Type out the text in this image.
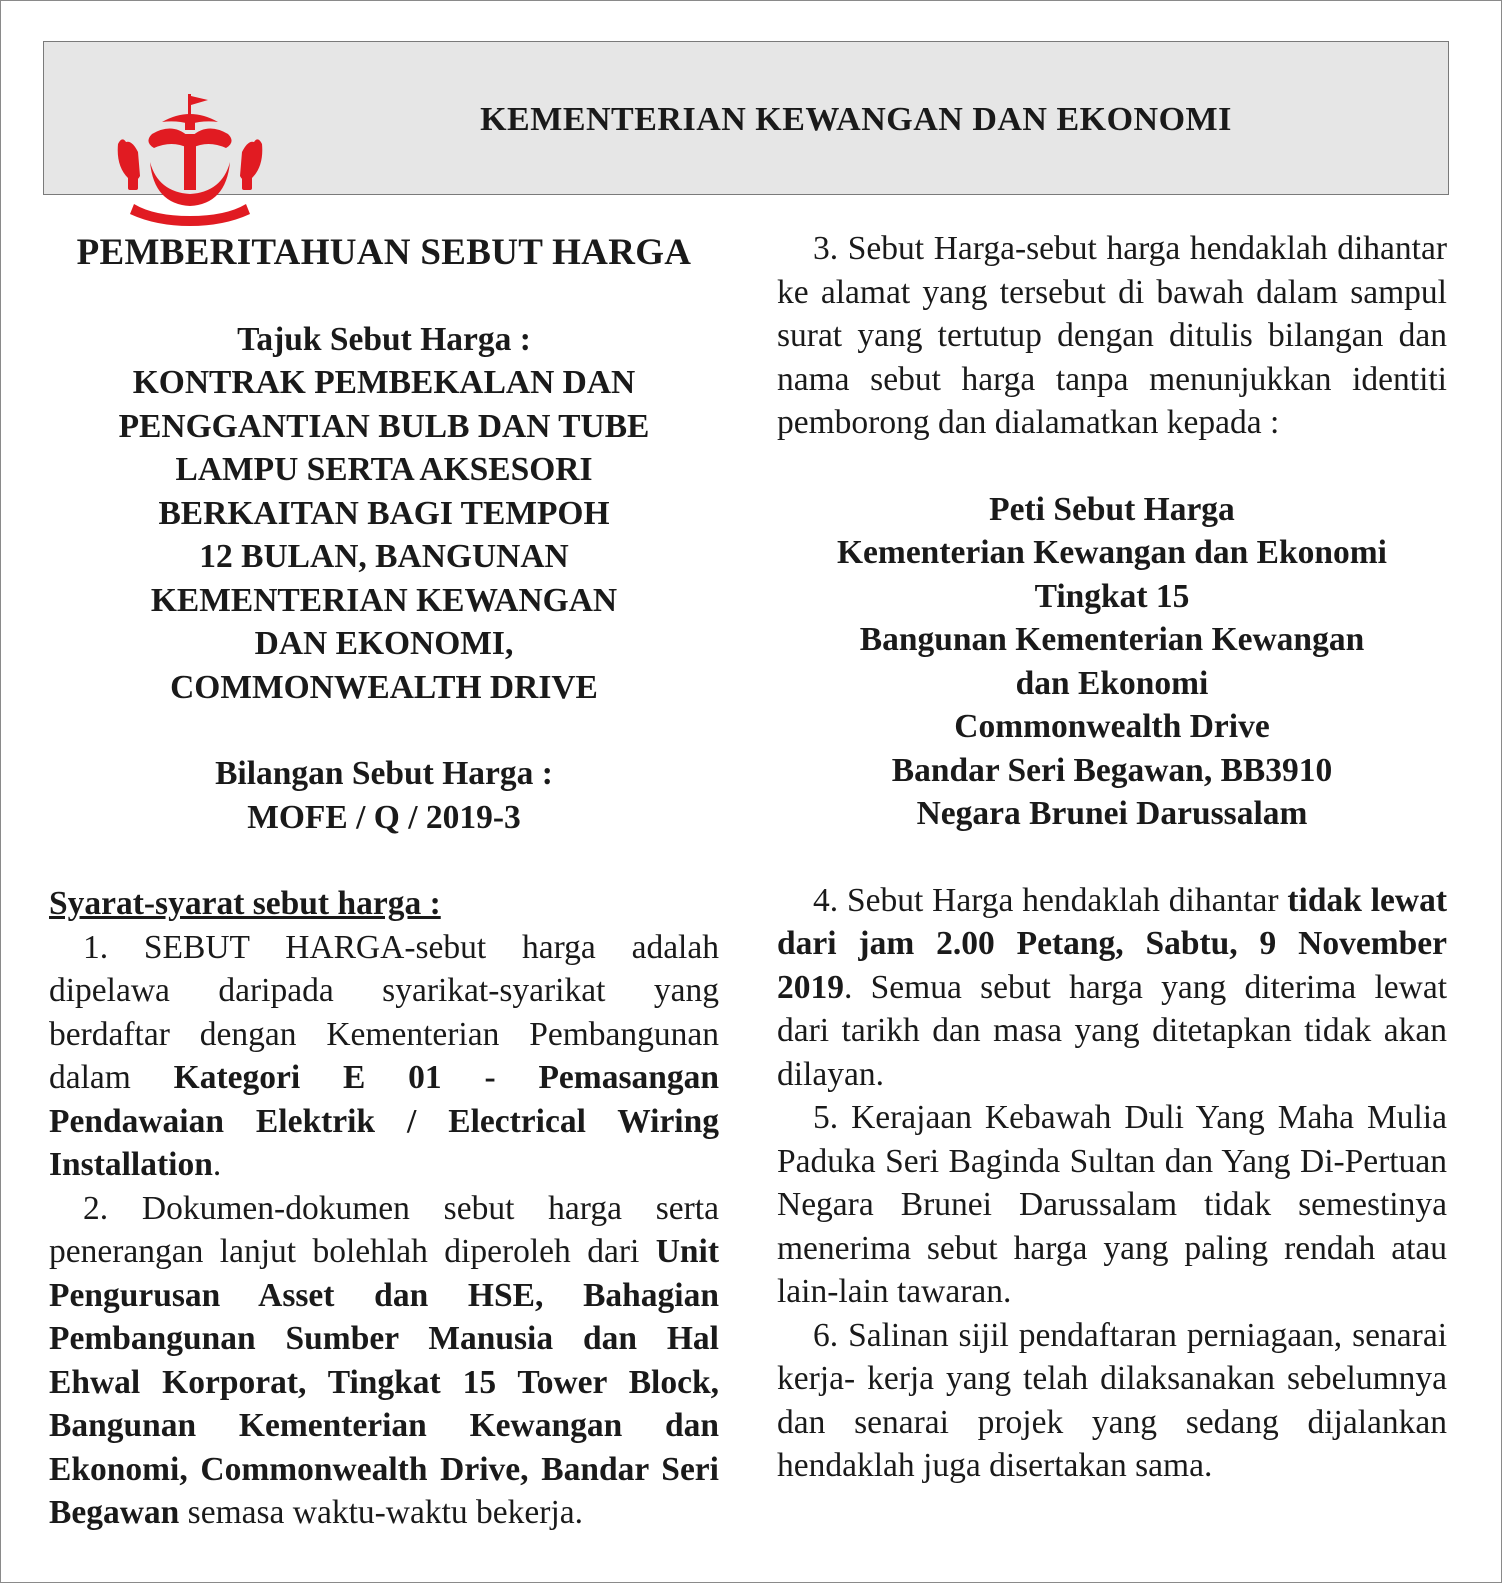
KEMENTERIAN KEWANGAN DAN EKONOMI
PEMBERITAHUAN SEBUT HARGA
Tajuk Sebut Harga :
KONTRAK PEMBEKALAN DAN
PENGGANTIAN BULB DAN TUBE
LAMPU SERTA AKSESORI
BERKAITAN BAGI TEMPOH
12 BULAN, BANGUNAN
KEMENTERIAN KEWANGAN
DAN EKONOMI,
COMMONWEALTH DRIVE
Bilangan Sebut Harga :
MOFE / Q / 2019-3
Syarat-syarat sebut harga :
1. SEBUT HARGA-sebut harga adalah dipelawa daripada syarikat-syarikat yang berdaftar dengan Kementerian Pembangunan dalam Kategori E 01 - Pemasangan Pendawaian Elektrik / Electrical Wiring Installation.
2. Dokumen-dokumen sebut harga serta penerangan lanjut bolehlah diperoleh dari Unit Pengurusan Asset dan HSE, Bahagian Pembangunan Sumber Manusia dan Hal Ehwal Korporat, Tingkat 15 Tower Block, Bangunan Kementerian Kewangan dan Ekonomi, Commonwealth Drive, Bandar Seri Begawan semasa waktu-waktu bekerja.
3. Sebut Harga-sebut harga hendaklah dihantar ke alamat yang tersebut di bawah dalam sampul surat yang tertutup dengan ditulis bilangan dan nama sebut harga tanpa menunjukkan identiti pemborong dan dialamatkan kepada :
Peti Sebut Harga
Kementerian Kewangan dan Ekonomi
Tingkat 15
Bangunan Kementerian Kewangan
dan Ekonomi
Commonwealth Drive
Bandar Seri Begawan, BB3910
Negara Brunei Darussalam
4. Sebut Harga hendaklah dihantar tidak lewat dari jam 2.00 Petang, Sabtu, 9 November 2019. Semua sebut harga yang diterima lewat dari tarikh dan masa yang ditetapkan tidak akan dilayan.
5. Kerajaan Kebawah Duli Yang Maha Mulia Paduka Seri Baginda Sultan dan Yang Di-Pertuan Negara Brunei Darussalam tidak semestinya menerima sebut harga yang paling rendah atau lain-lain tawaran.
6. Salinan sijil pendaftaran perniagaan, senarai kerja- kerja yang telah dilaksanakan sebelumnya dan senarai projek yang sedang dijalankan hendaklah juga disertakan sama.
